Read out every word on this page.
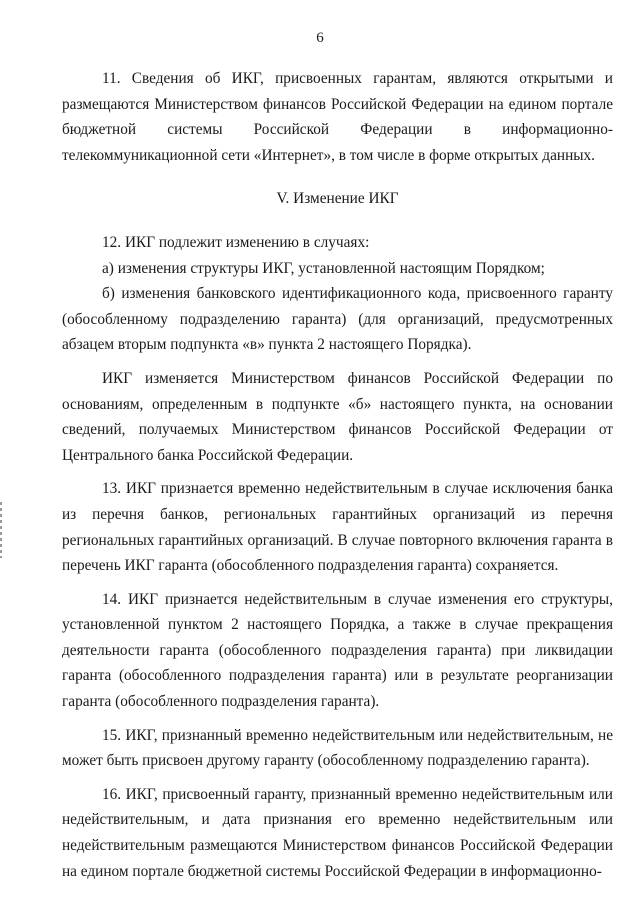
6

11. Сведения об ИКГ, присвоенных гарантам, являются открытыми и размещаются Министерством финансов Российской Федерации на едином портале бюджетной системы Российской Федерации в информационно-телекоммуникационной сети «Интернет», в том числе в форме открытых данных.

V. Изменение ИКГ

12. ИКГ подлежит изменению в случаях:

а) изменения структуры ИКГ, установленной настоящим Порядком;

б) изменения банковского идентификационного кода, присвоенного гаранту (обособленному подразделению гаранта) (для организаций, предусмотренных абзацем вторым подпункта «в» пункта 2 настоящего Порядка).

ИКГ изменяется Министерством финансов Российской Федерации по основаниям, определенным в подпункте «б» настоящего пункта, на основании сведений, получаемых Министерством финансов Российской Федерации от Центрального банка Российской Федерации.

13. ИКГ признается временно недействительным в случае исключения банка из перечня банков, региональных гарантийных организаций из перечня региональных гарантийных организаций. В случае повторного включения гаранта в перечень ИКГ гаранта (обособленного подразделения гаранта) сохраняется.

14. ИКГ признается недействительным в случае изменения его структуры, установленной пунктом 2 настоящего Порядка, а также в случае прекращения деятельности гаранта (обособленного подразделения гаранта) при ликвидации гаранта (обособленного подразделения гаранта) или в результате реорганизации гаранта (обособленного подразделения гаранта).

15. ИКГ, признанный временно недействительным или недействительным, не может быть присвоен другому гаранту (обособленному подразделению гаранта).

16. ИКГ, присвоенный гаранту, признанный временно недействительным или недействительным, и дата признания его временно недействительным или недействительным размещаются Министерством финансов Российской Федерации на едином портале бюджетной системы Российской Федерации в информационно-
